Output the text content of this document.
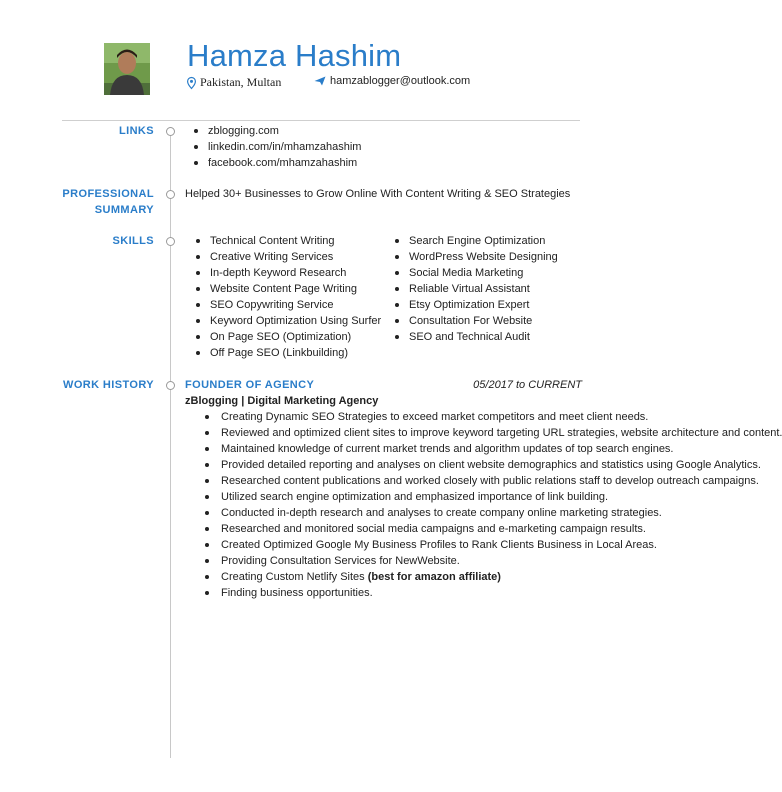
Hamza Hashim
Pakistan, Multan	hamzablogger@outlook.com
LINKS	zblogging.com
linkedin.com/in/mhamzahashim
facebook.com/mhamzahashim
PROFESSIONAL
SUMMARY
Helped 30+ Businesses to Grow Online With Content Writing & SEO Strategies
SKILLS	Technical Content Writing
Creative Writing Services
In-depth Keyword Research
Website Content Page Writing
SEO Copywriting Service
Keyword Optimization Using Surfer
On Page SEO (Optimization)
Off Page SEO (Linkbuilding)
Search Engine Optimization
WordPress Website Designing
Social Media Marketing
Reliable Virtual Assistant
Etsy Optimization Expert
Consultation For Website
SEO and Technical Audit
WORK HISTORY	FOUNDER OF AGENCY	05/2017 to CURRENT
zBlogging | Digital Marketing Agency
Creating Dynamic SEO Strategies to exceed market competitors and meet client needs.
Reviewed and optimized client sites to improve keyword targeting URL strategies, website architecture and content.
Maintained knowledge of current market trends and algorithm updates of top search engines.
Provided detailed reporting and analyses on client website demographics and statistics using Google Analytics.
Researched content publications and worked closely with public relations staff to develop outreach campaigns.
Utilized search engine optimization and emphasized importance of link building.
Conducted in-depth research and analyses to create company online marketing strategies.
Researched and monitored social media campaigns and e-marketing campaign results.
Created Optimized Google My Business Profiles to Rank Clients Business in Local Areas.
Providing Consultation Services for NewWebsite.
Creating Custom Netlify Sites (best for amazon affiliate)
Finding business opportunities.
